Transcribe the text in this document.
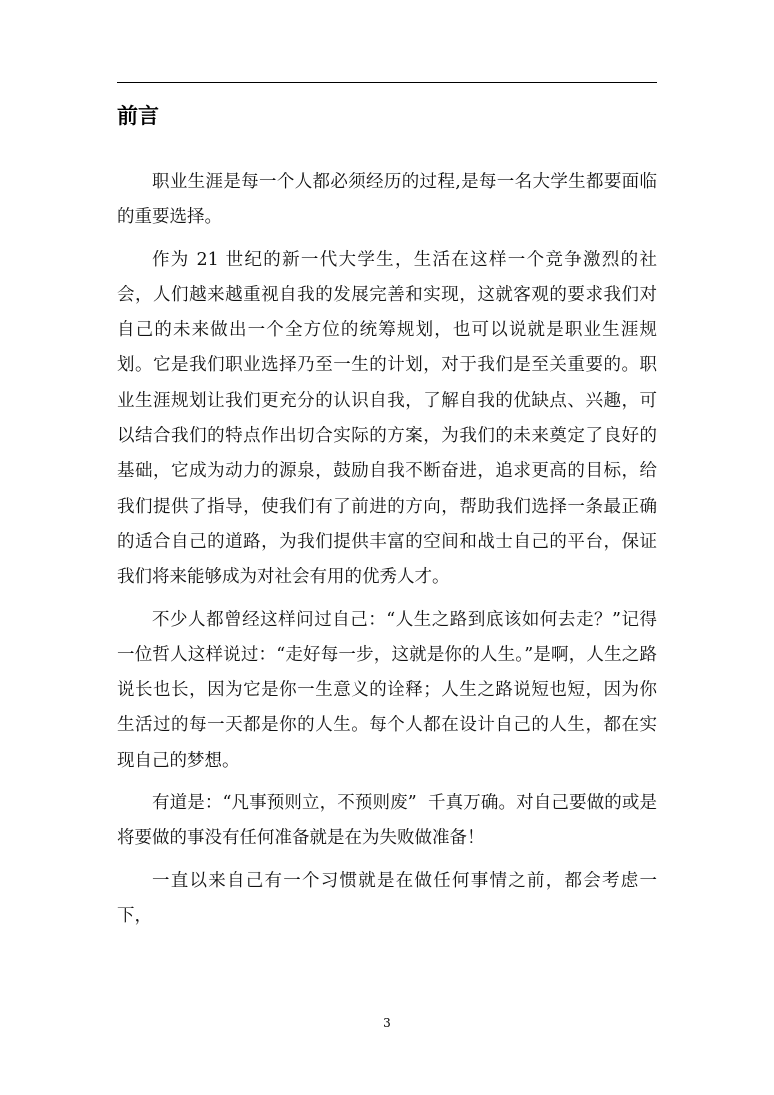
前言

职业生涯是每一个人都必须经历的过程,是每一名大学生都要面临的重要选择。

作为 21 世纪的新一代大学生，生活在这样一个竞争激烈的社会，人们越来越重视自我的发展完善和实现，这就客观的要求我们对自己的未来做出一个全方位的统筹规划，也可以说就是职业生涯规划。它是我们职业选择乃至一生的计划，对于我们是至关重要的。职业生涯规划让我们更充分的认识自我，了解自我的优缺点、兴趣，可以结合我们的特点作出切合实际的方案，为我们的未来奠定了良好的基础，它成为动力的源泉，鼓励自我不断奋进，追求更高的目标，给我们提供了指导，使我们有了前进的方向，帮助我们选择一条最正确的适合自己的道路，为我们提供丰富的空间和战士自己的平台，保证我们将来能够成为对社会有用的优秀人才。

不少人都曾经这样问过自己：“人生之路到底该如何去走？”记得一位哲人这样说过：“走好每一步，这就是你的人生。”是啊，人生之路说长也长，因为它是你一生意义的诠释；人生之路说短也短，因为你生活过的每一天都是你的人生。每个人都在设计自己的人生，都在实现自己的梦想。

有道是：“凡事预则立，不预则废”  千真万确。对自己要做的或是将要做的事没有任何准备就是在为失败做准备！

一直以来自己有一个习惯就是在做任何事情之前，都会考虑一下，

3
